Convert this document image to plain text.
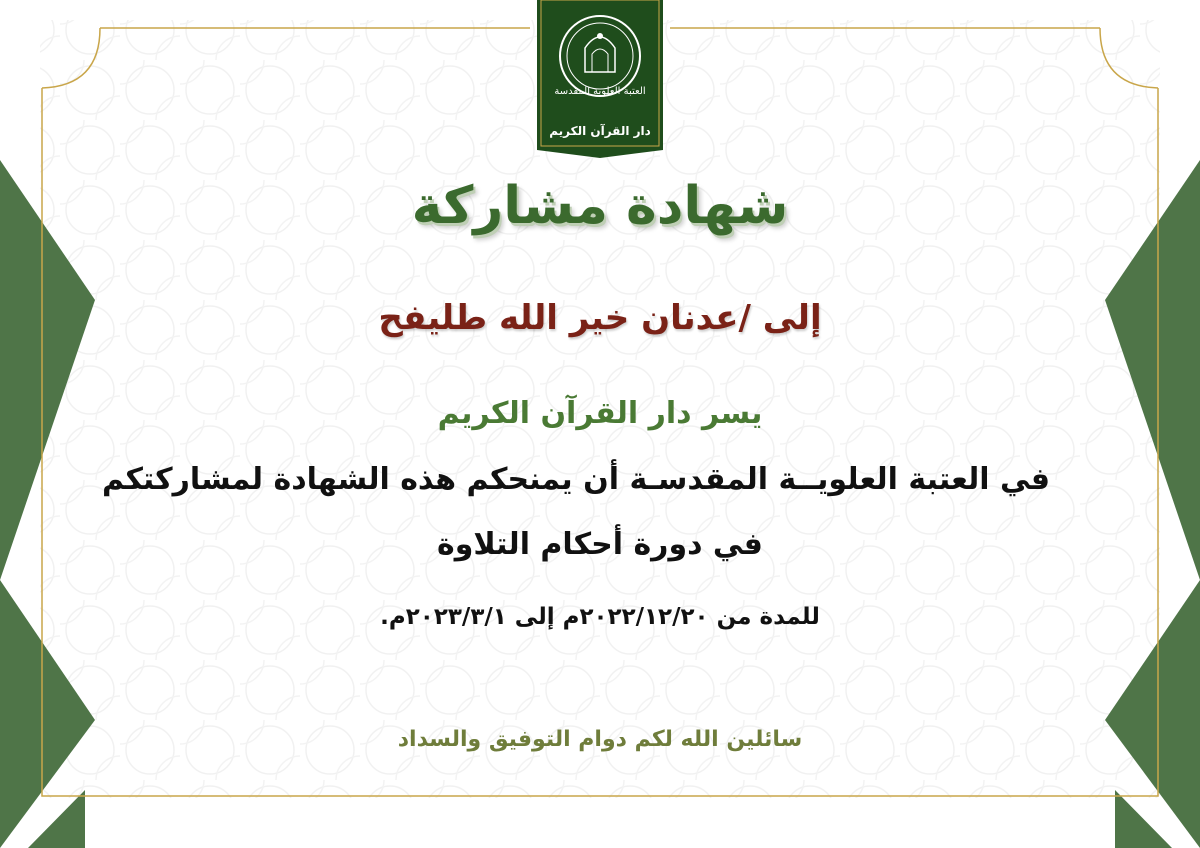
العتبة العلوية المقدسة
دار القرآن الكريم
شهادة مشاركة
إلى /عدنان خير الله طليفح
يسر دار القرآن الكريم
في العتبة العلويــة المقدسـة أن يمنحكم هذه الشهادة لمشاركتكم
في دورة أحكام التلاوة
للمدة من ٢٠٢٢/١٢/٢٠م إلى ٢٠٢٣/٣/١م.
سائلين الله لكم دوام التوفيق والسداد
